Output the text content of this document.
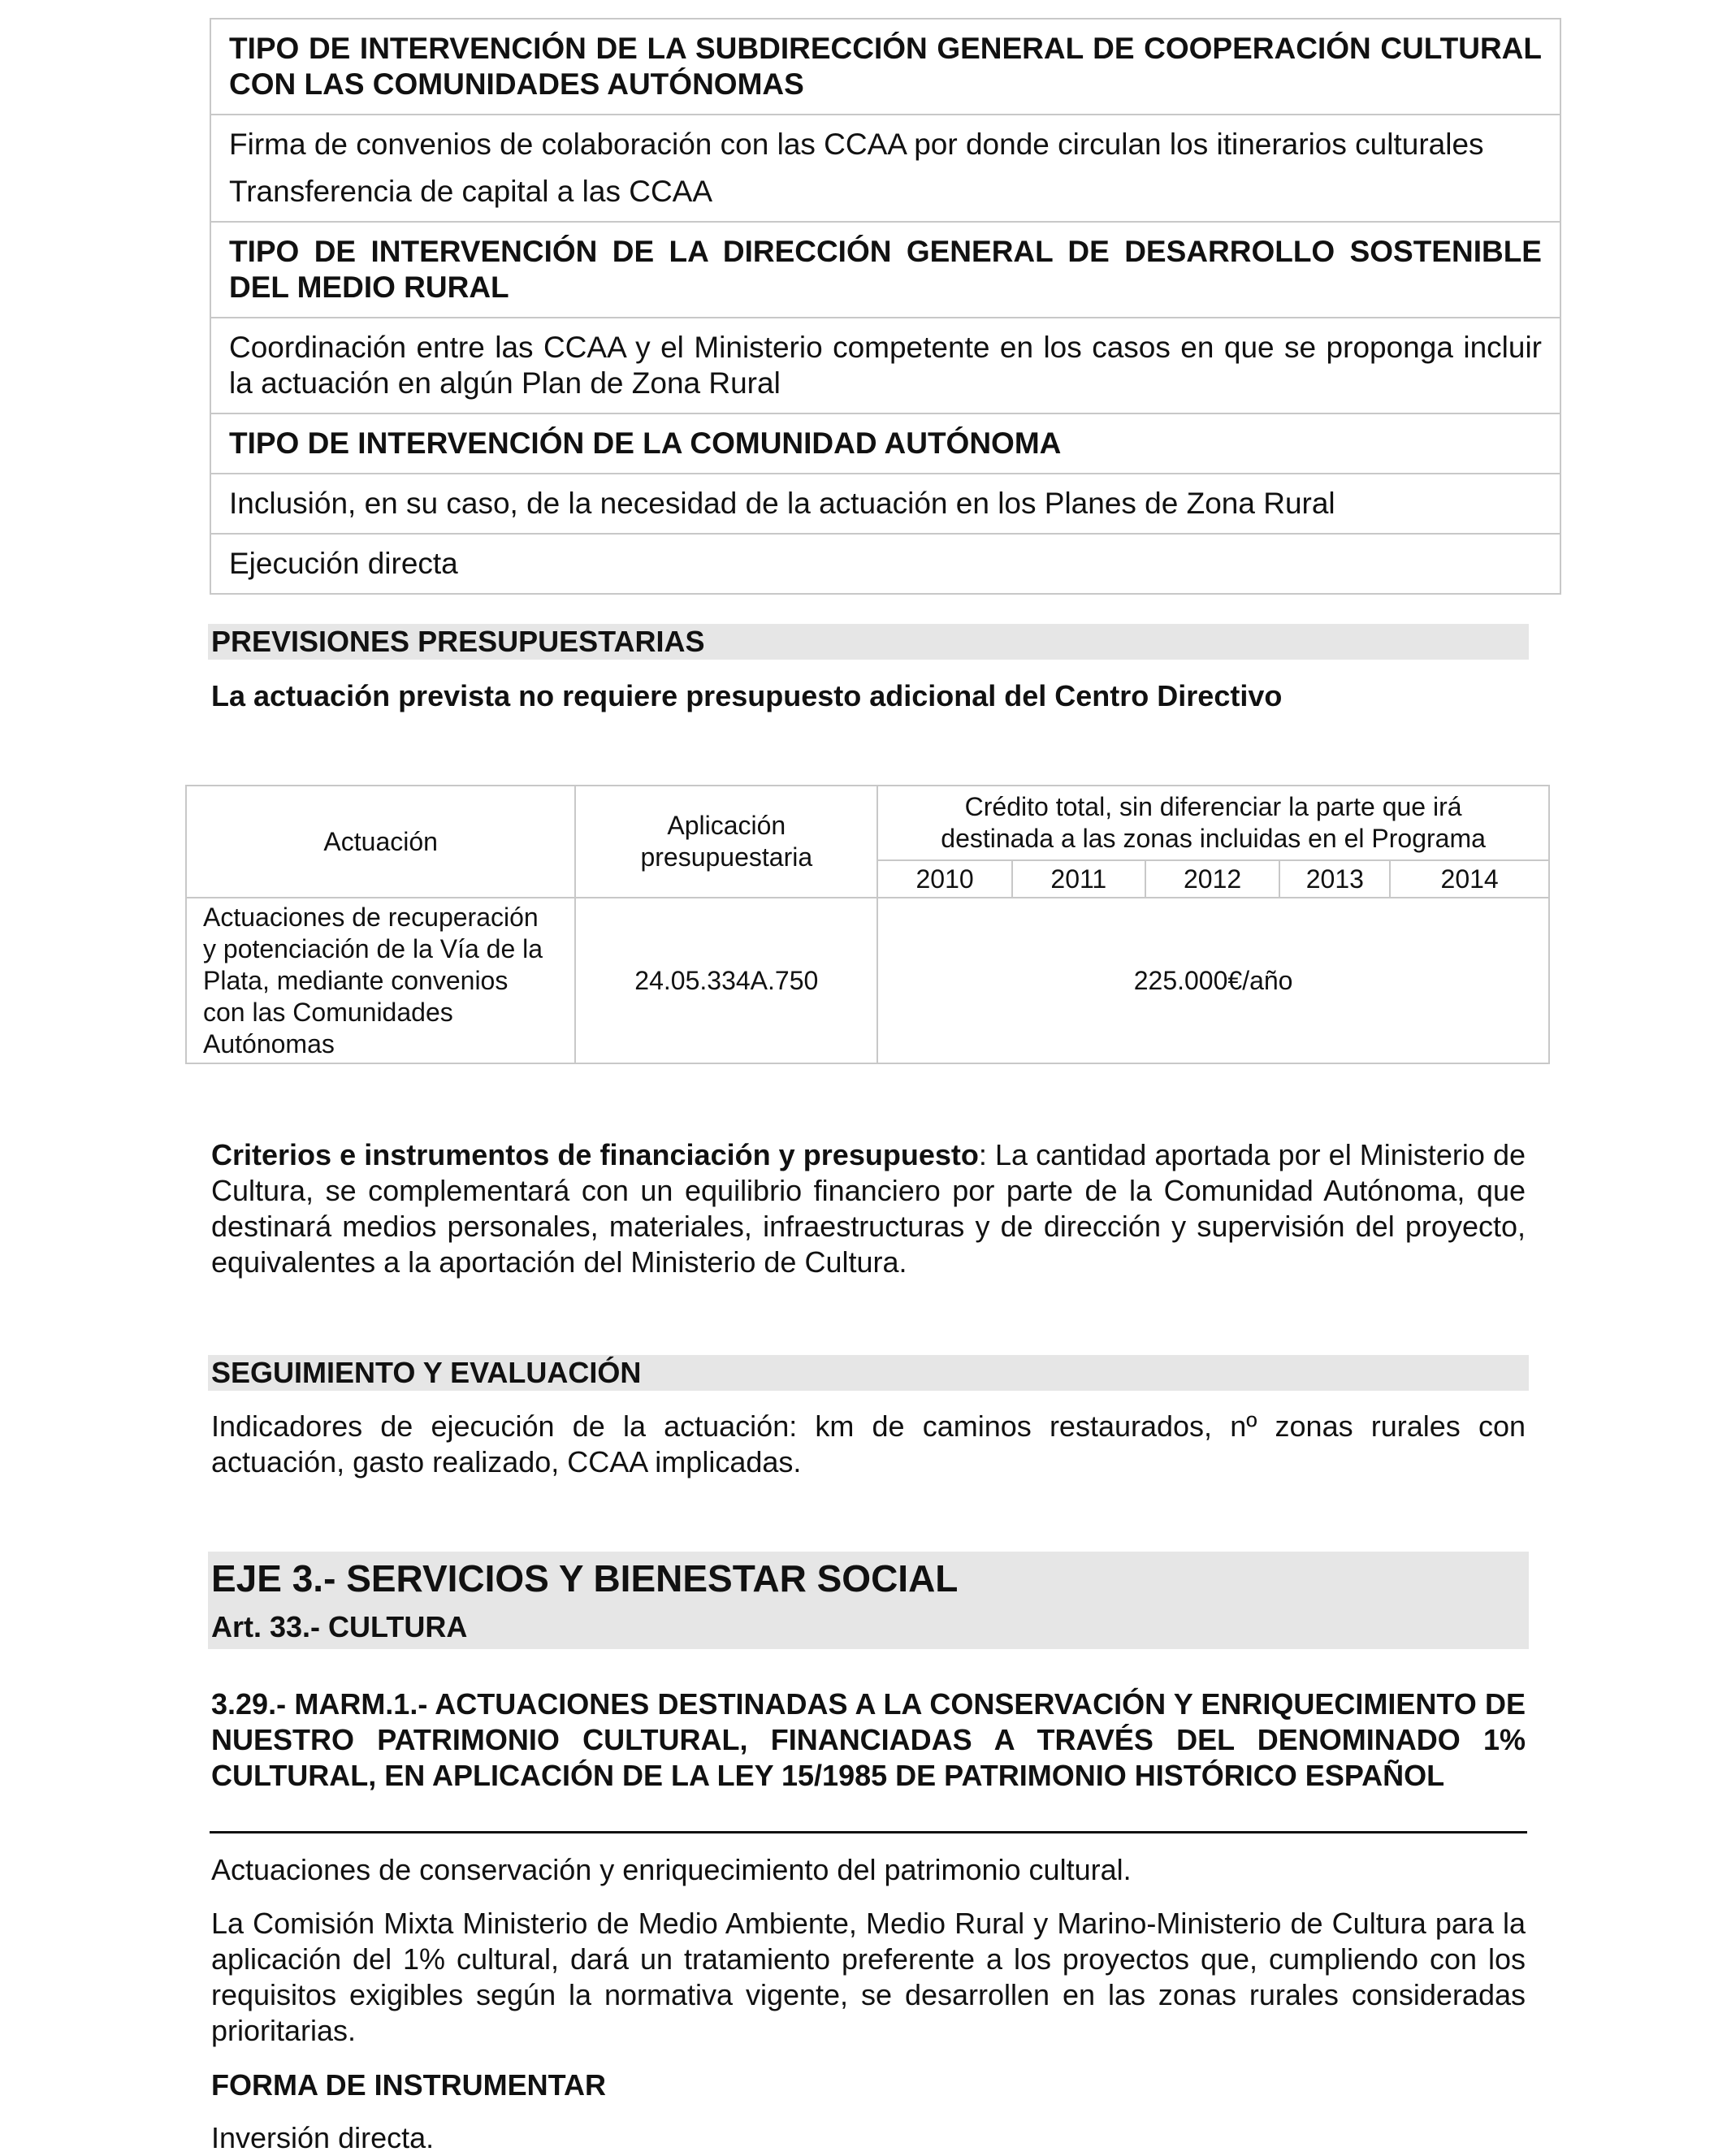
TIPO DE INTERVENCIÓN DE LA SUBDIRECCIÓN GENERAL DE COOPERACIÓN CULTURAL CON LAS COMUNIDADES AUTÓNOMAS
Firma de convenios de colaboración con las CCAA por donde circulan los itinerarios culturales
Transferencia de capital a las CCAA
TIPO DE INTERVENCIÓN DE LA DIRECCIÓN GENERAL DE DESARROLLO SOSTENIBLE DEL MEDIO RURAL
Coordinación entre las CCAA y el Ministerio competente en los casos en que se proponga incluir la actuación en algún Plan de Zona Rural
TIPO DE INTERVENCIÓN DE LA COMUNIDAD AUTÓNOMA
Inclusión, en su caso, de la necesidad de la actuación en los Planes de Zona Rural
Ejecución directa
PREVISIONES PRESUPUESTARIAS
La actuación prevista no requiere presupuesto adicional del Centro Directivo
Actuación	Aplicación presupuestaria	Crédito total, sin diferenciar la parte que irá destinada a las zonas incluidas en el Programa				
		2010	2011	2012	2013	2014
Actuaciones de recuperación y potenciación de la Vía de la Plata, mediante convenios con las Comunidades Autónomas	24.05.334A.750	225.000€/año				
Criterios e instrumentos de financiación y presupuesto: La cantidad aportada por el Ministerio de Cultura, se complementará con un equilibrio financiero por parte de la Comunidad Autónoma, que destinará medios personales, materiales, infraestructuras y de dirección y supervisión del proyecto, equivalentes a la aportación del Ministerio de Cultura.
SEGUIMIENTO Y EVALUACIÓN
Indicadores de ejecución de la actuación: km de caminos restaurados, nº zonas rurales con actuación, gasto realizado, CCAA implicadas.
EJE 3.- SERVICIOS Y BIENESTAR SOCIAL
Art. 33.- CULTURA
3.29.- MARM.1.- ACTUACIONES DESTINADAS A LA CONSERVACIÓN Y ENRIQUECIMIENTO DE NUESTRO PATRIMONIO CULTURAL, FINANCIADAS A TRAVÉS DEL DENOMINADO 1% CULTURAL, EN APLICACIÓN DE LA LEY 15/1985 DE PATRIMONIO HISTÓRICO ESPAÑOL
Actuaciones de conservación y enriquecimiento del patrimonio cultural.
La Comisión Mixta Ministerio de Medio Ambiente, Medio Rural y Marino-Ministerio de Cultura para la aplicación del 1% cultural, dará un tratamiento preferente a los proyectos que, cumpliendo con los requisitos exigibles según la normativa vigente, se desarrollen en las zonas rurales consideradas prioritarias.
FORMA DE INSTRUMENTAR
Inversión directa.
